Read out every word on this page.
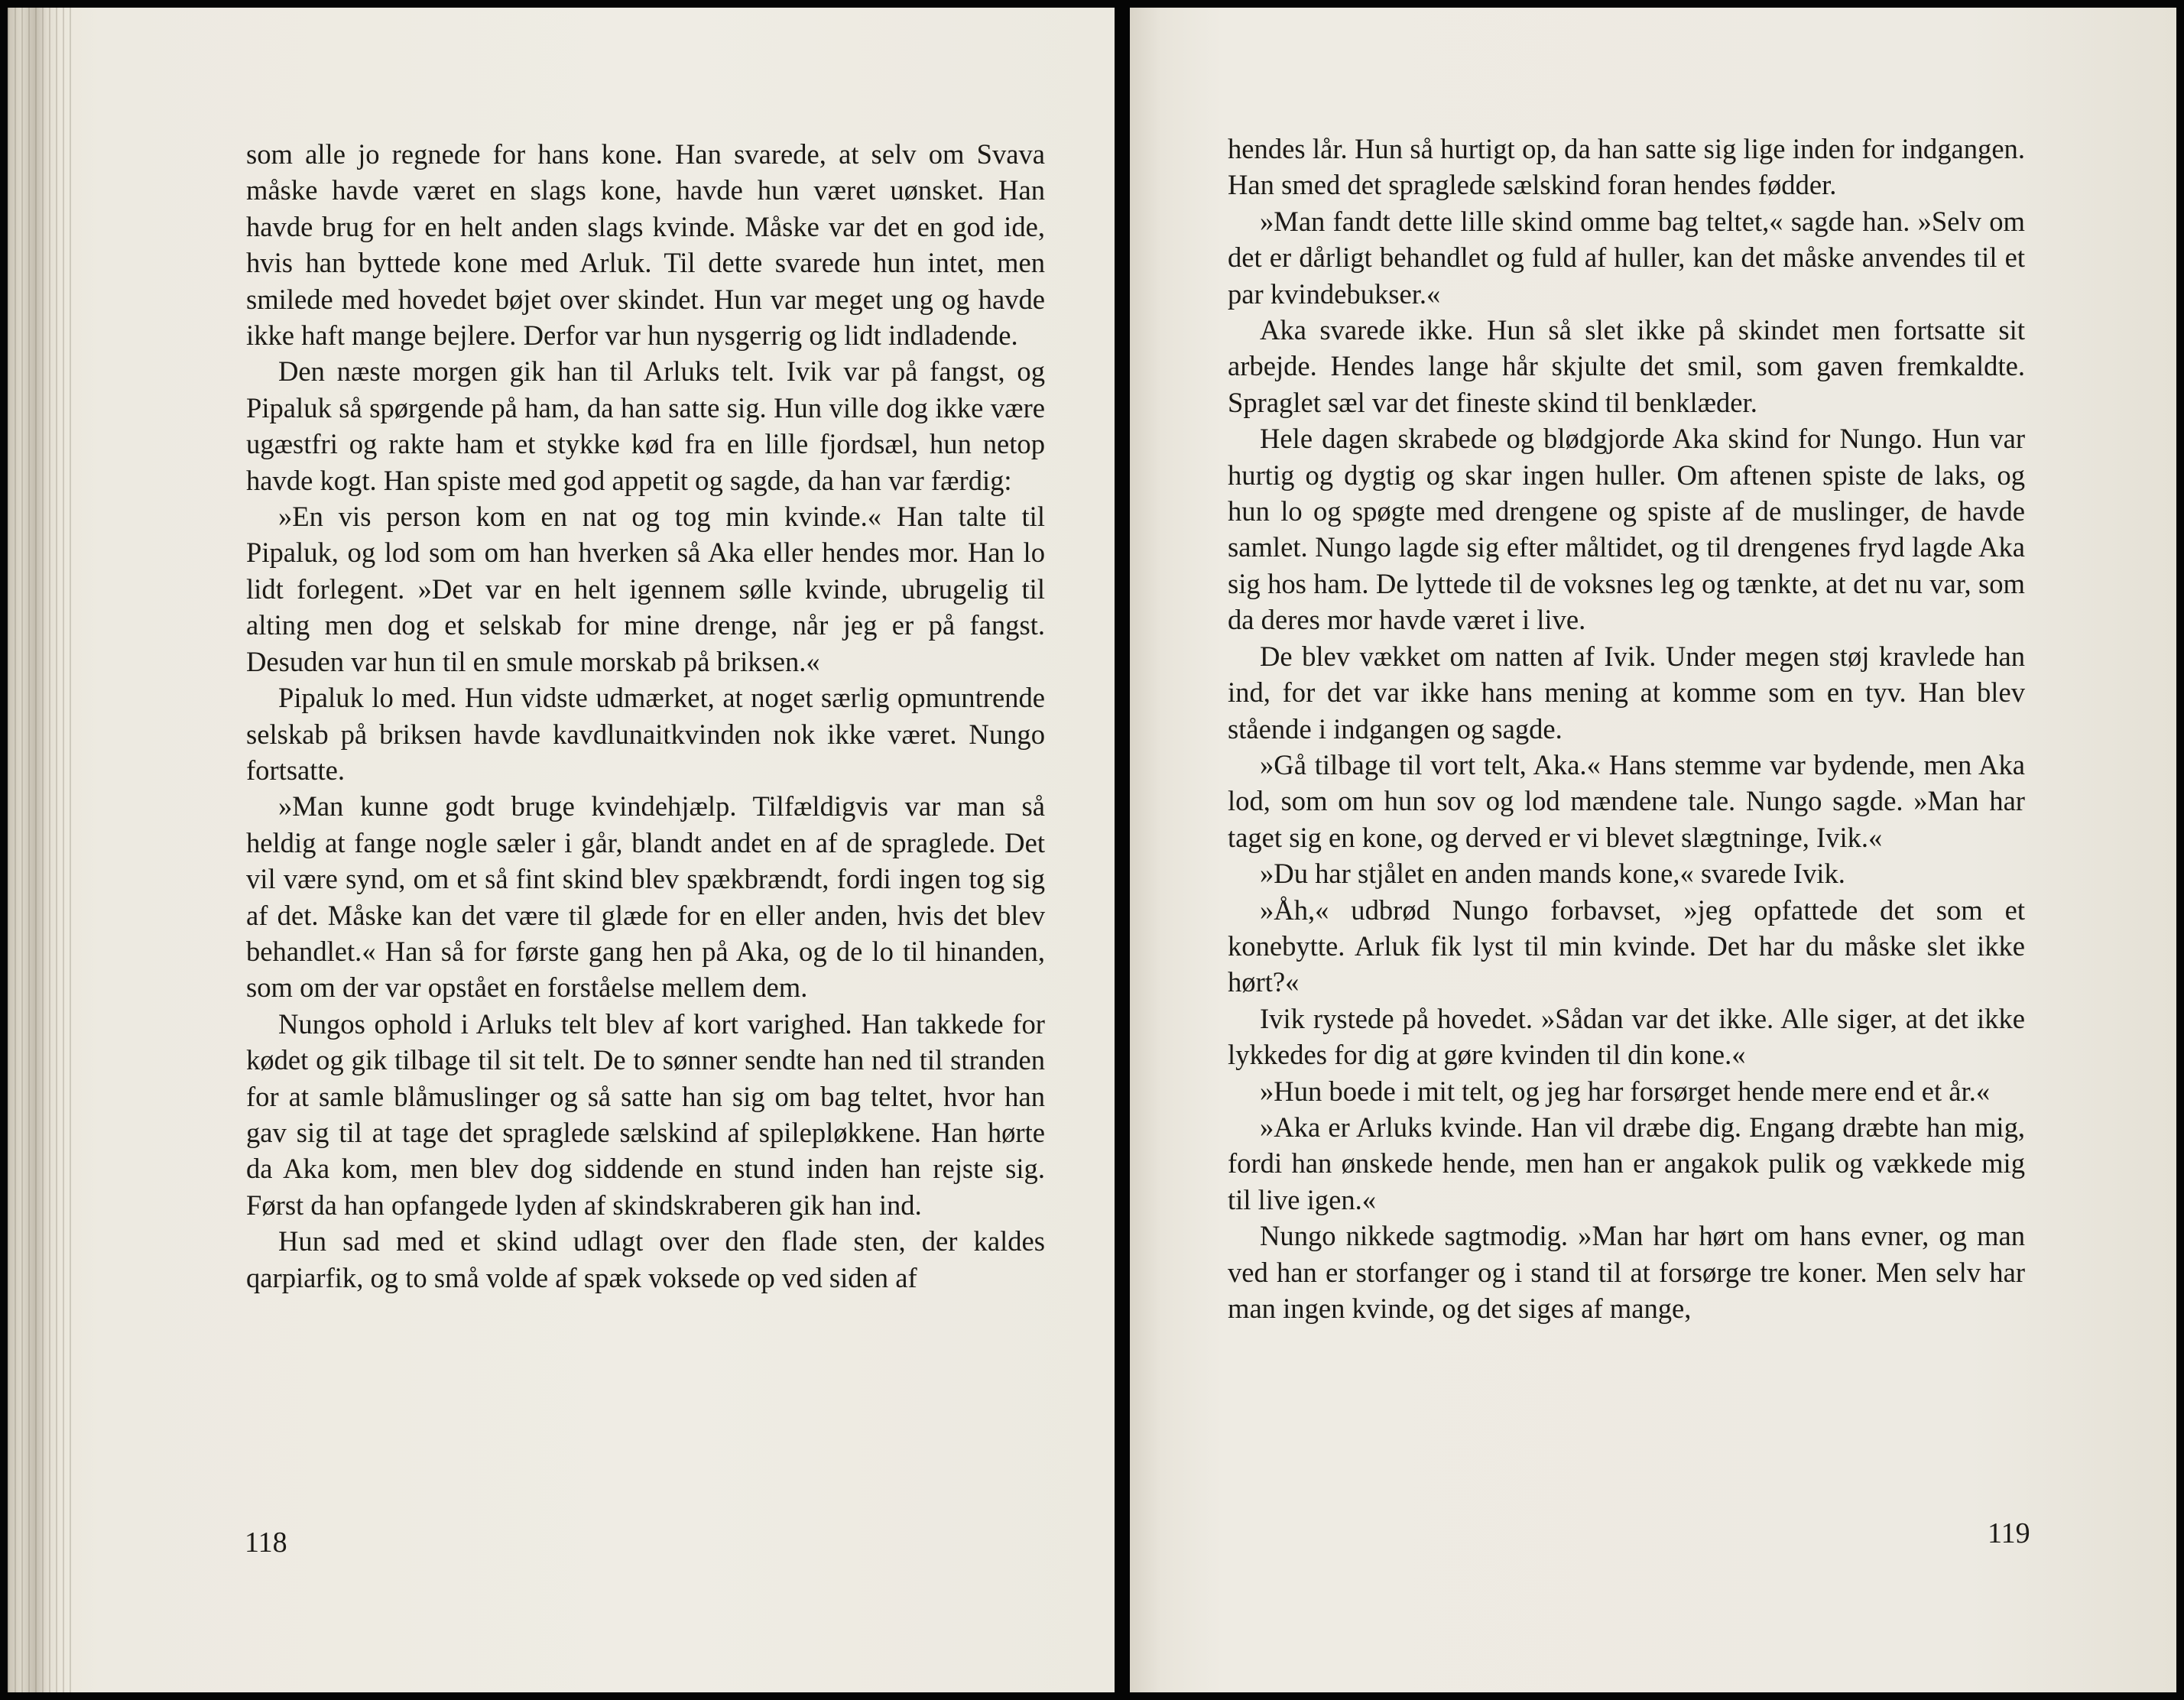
som alle jo regnede for hans kone. Han svarede, at selv om Svava måske havde været en slags kone, havde hun været uønsket. Han havde brug for en helt anden slags kvinde. Måske var det en god ide, hvis han byttede kone med Arluk. Til dette svarede hun intet, men smilede med hovedet bøjet over skindet. Hun var meget ung og havde ikke haft mange bejlere. Derfor var hun nysgerrig og lidt indladende.

Den næste morgen gik han til Arluks telt. Ivik var på fangst, og Pipaluk så spørgende på ham, da han satte sig. Hun ville dog ikke være ugæstfri og rakte ham et stykke kød fra en lille fjordsæl, hun netop havde kogt. Han spiste med god appetit og sagde, da han var færdig:

»En vis person kom en nat og tog min kvinde.« Han talte til Pipaluk, og lod som om han hverken så Aka eller hendes mor. Han lo lidt forlegent. »Det var en helt igennem sølle kvinde, ubrugelig til alting men dog et selskab for mine drenge, når jeg er på fangst. Desuden var hun til en smule morskab på briksen.«

Pipaluk lo med. Hun vidste udmærket, at noget særlig opmuntrende selskab på briksen havde kavdlunaitkvinden nok ikke været. Nungo fortsatte.

»Man kunne godt bruge kvindehjælp. Tilfældigvis var man så heldig at fange nogle sæler i går, blandt andet en af de spraglede. Det vil være synd, om et så fint skind blev spækbrændt, fordi ingen tog sig af det. Måske kan det være til glæde for en eller anden, hvis det blev behandlet.« Han så for første gang hen på Aka, og de lo til hinanden, som om der var opstået en forståelse mellem dem.

Nungos ophold i Arluks telt blev af kort varighed. Han takkede for kødet og gik tilbage til sit telt. De to sønner sendte han ned til stranden for at samle blåmuslinger og så satte han sig om bag teltet, hvor han gav sig til at tage det spraglede sælskind af spilepløkkene. Han hørte da Aka kom, men blev dog siddende en stund inden han rejste sig. Først da han opfangede lyden af skindskraberen gik han ind.

Hun sad med et skind udlagt over den flade sten, der kaldes qarpiarfik, og to små volde af spæk voksede op ved siden af

118

hendes lår. Hun så hurtigt op, da han satte sig lige inden for indgangen. Han smed det spraglede sælskind foran hendes fødder.

»Man fandt dette lille skind omme bag teltet,« sagde han. »Selv om det er dårligt behandlet og fuld af huller, kan det måske anvendes til et par kvindebukser.«

Aka svarede ikke. Hun så slet ikke på skindet men fortsatte sit arbejde. Hendes lange hår skjulte det smil, som gaven fremkaldte. Spraglet sæl var det fineste skind til benklæder.

Hele dagen skrabede og blødgjorde Aka skind for Nungo. Hun var hurtig og dygtig og skar ingen huller. Om aftenen spiste de laks, og hun lo og spøgte med drengene og spiste af de muslinger, de havde samlet. Nungo lagde sig efter måltidet, og til drengenes fryd lagde Aka sig hos ham. De lyttede til de voksnes leg og tænkte, at det nu var, som da deres mor havde været i live.

De blev vækket om natten af Ivik. Under megen støj kravlede han ind, for det var ikke hans mening at komme som en tyv. Han blev stående i indgangen og sagde.

»Gå tilbage til vort telt, Aka.« Hans stemme var bydende, men Aka lod, som om hun sov og lod mændene tale. Nungo sagde. »Man har taget sig en kone, og derved er vi blevet slægtninge, Ivik.«

»Du har stjålet en anden mands kone,« svarede Ivik.

»Åh,« udbrød Nungo forbavset, »jeg opfattede det som et konebytte. Arluk fik lyst til min kvinde. Det har du måske slet ikke hørt?«

Ivik rystede på hovedet. »Sådan var det ikke. Alle siger, at det ikke lykkedes for dig at gøre kvinden til din kone.«

»Hun boede i mit telt, og jeg har forsørget hende mere end et år.«

»Aka er Arluks kvinde. Han vil dræbe dig. Engang dræbte han mig, fordi han ønskede hende, men han er angakok pulik og vækkede mig til live igen.«

Nungo nikkede sagtmodig. »Man har hørt om hans evner, og man ved han er storfanger og i stand til at forsørge tre koner. Men selv har man ingen kvinde, og det siges af mange,

119
